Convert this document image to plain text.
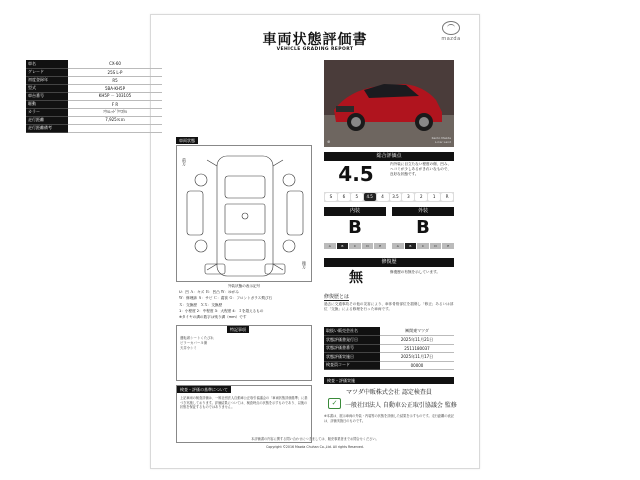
車両状態評価書
VEHICLE GRADING REPORT
mazda
車名	CX-60
グレード	25S L-P
初度登録年	R5
型式	5BA-KH5P
車台番号	KH5P － 103105
駆動	F R
カラー	ｿｳﾙﾚｯﾄﾞｸﾘｽﾀﾙ
走行距離	7,925Ｋｍ
走行距離備考	
車両状態
前方
後方
外装状態の表示記号
U：凹 Ａ：キズ Ｂ：凹凸 Ｗ：ゆがみ
Ｗ：修理跡 Ｓ：サビ Ｃ：腐食 Ｇ：フロントガラス飛び石
Ｘ：交換歴　ＸＸ：交換歴
1：小程度 2：中程度 3：大程度 4：３を超えるもの
※タイヤの溝の数字は残り溝（mm）です
特記事項
運転席シートくたびれ
ビラーカバーＡ傷
天井小シミ
検査・評価の基準について
上記車両の検査評価は、一般社団法人自動車公正取引協議会の「車両状態評価基準」に基づき実施しております。評価結果については、検査時点の状態を示すものであり、以後の状態を保証するものではありません。
⊕
Kanto Mazda
L-Car Land
総合評価点
4.5	内外装に目立たない程度の傷、凹み、ヘコミが少しあるがきれいなもので、良好な状態です。
S	6	5	4.5	4	3.5	3	2	1	R
内装	外装
B	B
A	B	C	D	E	A	B	C	D	E
修復歴
無	修復歴の有無を示しています。
修復歴とは
過去に交通事故その他の災害により、車体骨格部位を損傷し「修正」あるいは部位「交換」による修理を行った車両です。
取扱い販売会社名	㈱関東マツダ
状態評価書発行日	2025年11月21日
状態評価書番号	2511180037
状態評価実施日	2025年11月17日
検査員コード	00000
検査・評価実施
マツダ中販株式会社 認定検査員
✓	一般社団法人 自動車公正取引協議会 監修
※本書は、展示車両の外装・内装等の状態を評価した結果を示すものです。走行距離の表記は、評価実施日のものです。
本評価書の内容に関する問い合わせにつきましては、販売事業者までお問合せください。
Copyright ©2016 Mazda Chuhan Co.,Ltd. All rights Reserved.
